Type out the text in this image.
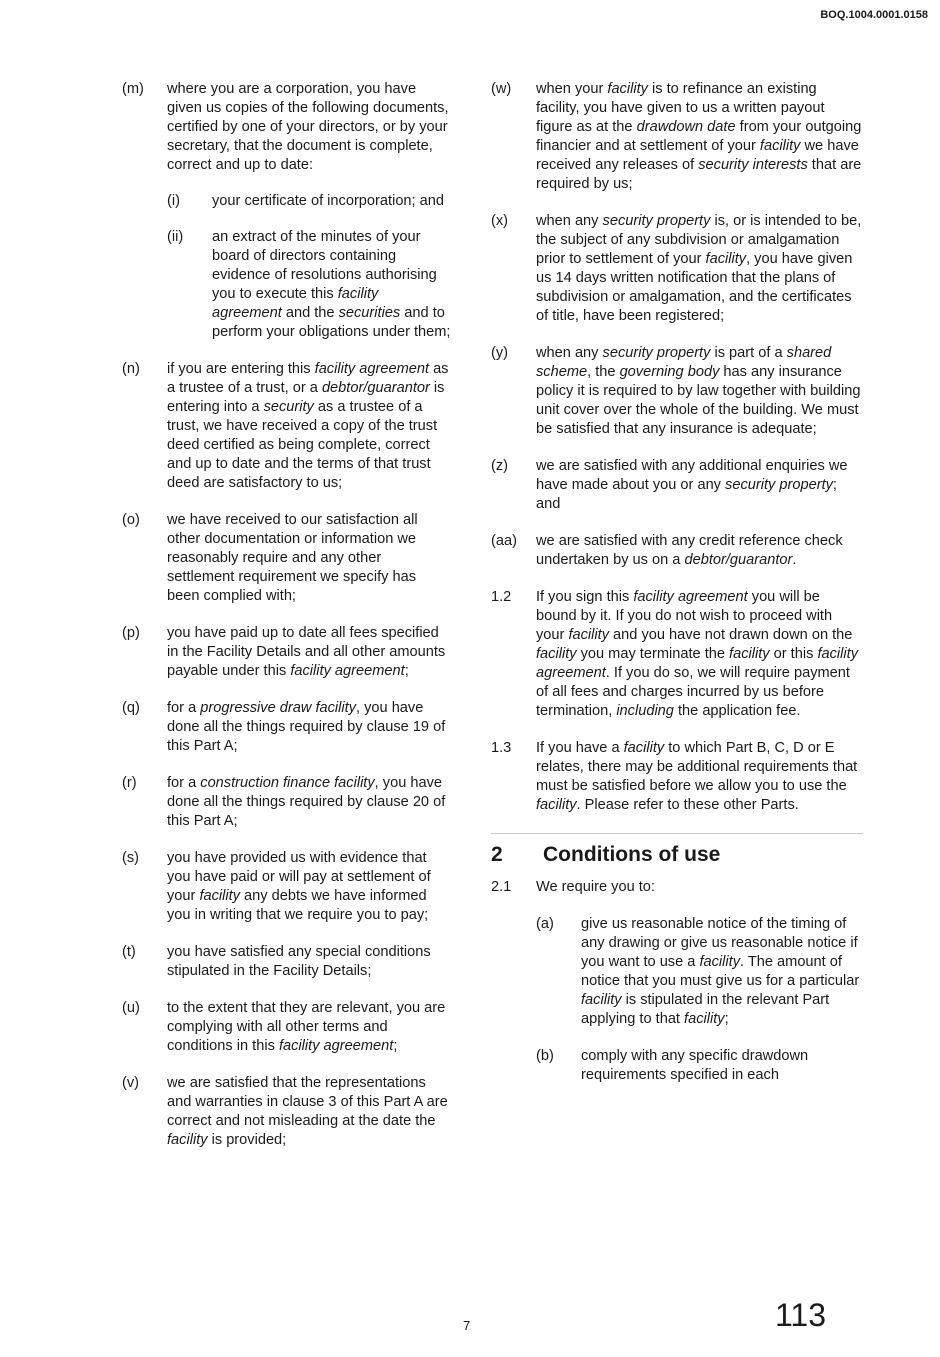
BOQ.1004.0001.0158
(m)	where you are a corporation, you have given us copies of the following documents, certified by one of your directors, or by your secretary, that the document is complete, correct and up to date:
(i)	your certificate of incorporation; and
(ii)	an extract of the minutes of your board of directors containing evidence of resolutions authorising you to execute this facility agreement and the securities and to perform your obligations under them;
(n)	if you are entering this facility agreement as a trustee of a trust, or a debtor/guarantor is entering into a security as a trustee of a trust, we have received a copy of the trust deed certified as being complete, correct and up to date and the terms of that trust deed are satisfactory to us;
(o)	we have received to our satisfaction all other documentation or information we reasonably require and any other settlement requirement we specify has been complied with;
(p)	you have paid up to date all fees specified in the Facility Details and all other amounts payable under this facility agreement;
(q)	for a progressive draw facility, you have done all the things required by clause 19 of this Part A;
(r)	for a construction finance facility, you have done all the things required by clause 20 of this Part A;
(s)	you have provided us with evidence that you have paid or will pay at settlement of your facility any debts we have informed you in writing that we require you to pay;
(t)	you have satisfied any special conditions stipulated in the Facility Details;
(u)	to the extent that they are relevant, you are complying with all other terms and conditions in this facility agreement;
(v)	we are satisfied that the representations and warranties in clause 3 of this Part A are correct and not misleading at the date the facility is provided;
(w)	when your facility is to refinance an existing facility, you have given to us a written payout figure as at the drawdown date from your outgoing financier and at settlement of your facility we have received any releases of security interests that are required by us;
(x)	when any security property is, or is intended to be, the subject of any subdivision or amalgamation prior to settlement of your facility, you have given us 14 days written notification that the plans of subdivision or amalgamation, and the certificates of title, have been registered;
(y)	when any security property is part of a shared scheme, the governing body has any insurance policy it is required to by law together with building unit cover over the whole of the building. We must be satisfied that any insurance is adequate;
(z)	we are satisfied with any additional enquiries we have made about you or any security property; and
(aa)	we are satisfied with any credit reference check undertaken by us on a debtor/guarantor.
1.2	If you sign this facility agreement you will be bound by it. If you do not wish to proceed with your facility and you have not drawn down on the facility you may terminate the facility or this facility agreement. If you do so, we will require payment of all fees and charges incurred by us before termination, including the application fee.
1.3	If you have a facility to which Part B, C, D or E relates, there may be additional requirements that must be satisfied before we allow you to use the facility. Please refer to these other Parts.
2	Conditions of use
2.1	We require you to:
(a)	give us reasonable notice of the timing of any drawing or give us reasonable notice if you want to use a facility. The amount of notice that you must give us for a particular facility is stipulated in the relevant Part applying to that facility;
(b)	comply with any specific drawdown requirements specified in each
7	113
